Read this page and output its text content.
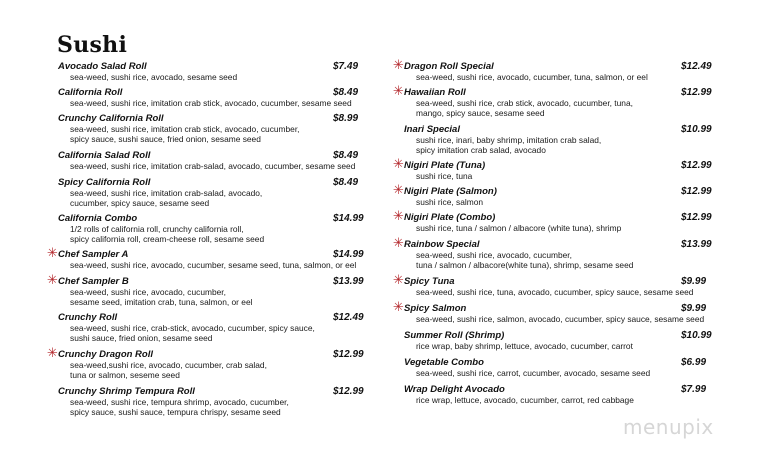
Sushi
Avocado Salad Roll	$7.49
sea-weed, sushi rice, avocado, sesame seed
California Roll	$8.49
sea-weed, sushi rice, imitation crab stick, avocado, cucumber, sesame seed
Crunchy California Roll	$8.99
sea-weed, sushi rice, imitation crab stick, avocado, cucumber,
spicy sauce, sushi sauce, fried onion, sesame seed
California Salad Roll	$8.49
sea-weed, sushi rice, imitation crab-salad, avocado, cucumber, sesame seed
Spicy California Roll	$8.49
sea-weed, sushi rice, imitation crab-salad, avocado,
cucumber, spicy sauce, sesame seed
California Combo	$14.99
1/2 rolls of california roll, crunchy california roll,
spicy california roll, cream-cheese roll, sesame seed
✳ Chef Sampler A	$14.99
sea-weed, sushi rice, avocado, cucumber, sesame seed, tuna, salmon, or eel
✳ Chef Sampler B	$13.99
sea-weed, sushi rice, avocado, cucumber,
sesame seed, imitation crab, tuna, salmon, or eel
Crunchy Roll	$12.49
sea-weed, sushi rice, crab-stick, avocado, cucumber, spicy sauce,
sushi sauce, fried onion, sesame seed
✳ Crunchy Dragon Roll	$12.99
sea-weed,sushi rice, avocado, cucumber, crab salad,
tuna or salmon, seseme seed
Crunchy Shrimp Tempura Roll	$12.99
sea-weed, sushi rice, tempura shrimp, avocado, cucumber,
spicy sauce, sushi sauce, tempura chrispy, sesame seed
✳ Dragon Roll Special	$12.49
sea-weed, sushi rice, avocado, cucumber, tuna, salmon, or eel
✳ Hawaiian Roll	$12.99
sea-weed, sushi rice, crab stick, avocado, cucumber, tuna,
mango, spicy sauce, sesame seed
Inari Special	$10.99
sushi rice, inari, baby shrimp, imitation crab salad,
spicy imitation crab salad, avocado
✳ Nigiri Plate (Tuna)	$12.99
sushi rice, tuna
✳ Nigiri Plate (Salmon)	$12.99
sushi rice, salmon
✳ Nigiri Plate (Combo)	$12.99
sushi rice, tuna / salmon / albacore (white tuna), shrimp
✳ Rainbow Special	$13.99
sea-weed, sushi rice, avocado, cucumber,
tuna / salmon / albacore(white tuna), shrimp, sesame seed
✳ Spicy Tuna	$9.99
sea-weed, sushi rice, tuna, avocado, cucumber, spicy sauce, sesame seed
✳ Spicy Salmon	$9.99
sea-weed, sushi rice, salmon, avocado, cucumber, spicy sauce, sesame seed
Summer Roll (Shrimp)	$10.99
rice wrap, baby shrimp, lettuce, avocado, cucumber, carrot
Vegetable Combo	$6.99
sea-weed, sushi rice, carrot, cucumber, avocado, sesame seed
Wrap Delight Avocado	$7.99
rice wrap, lettuce, avocado, cucumber, carrot, red cabbage
menupix
